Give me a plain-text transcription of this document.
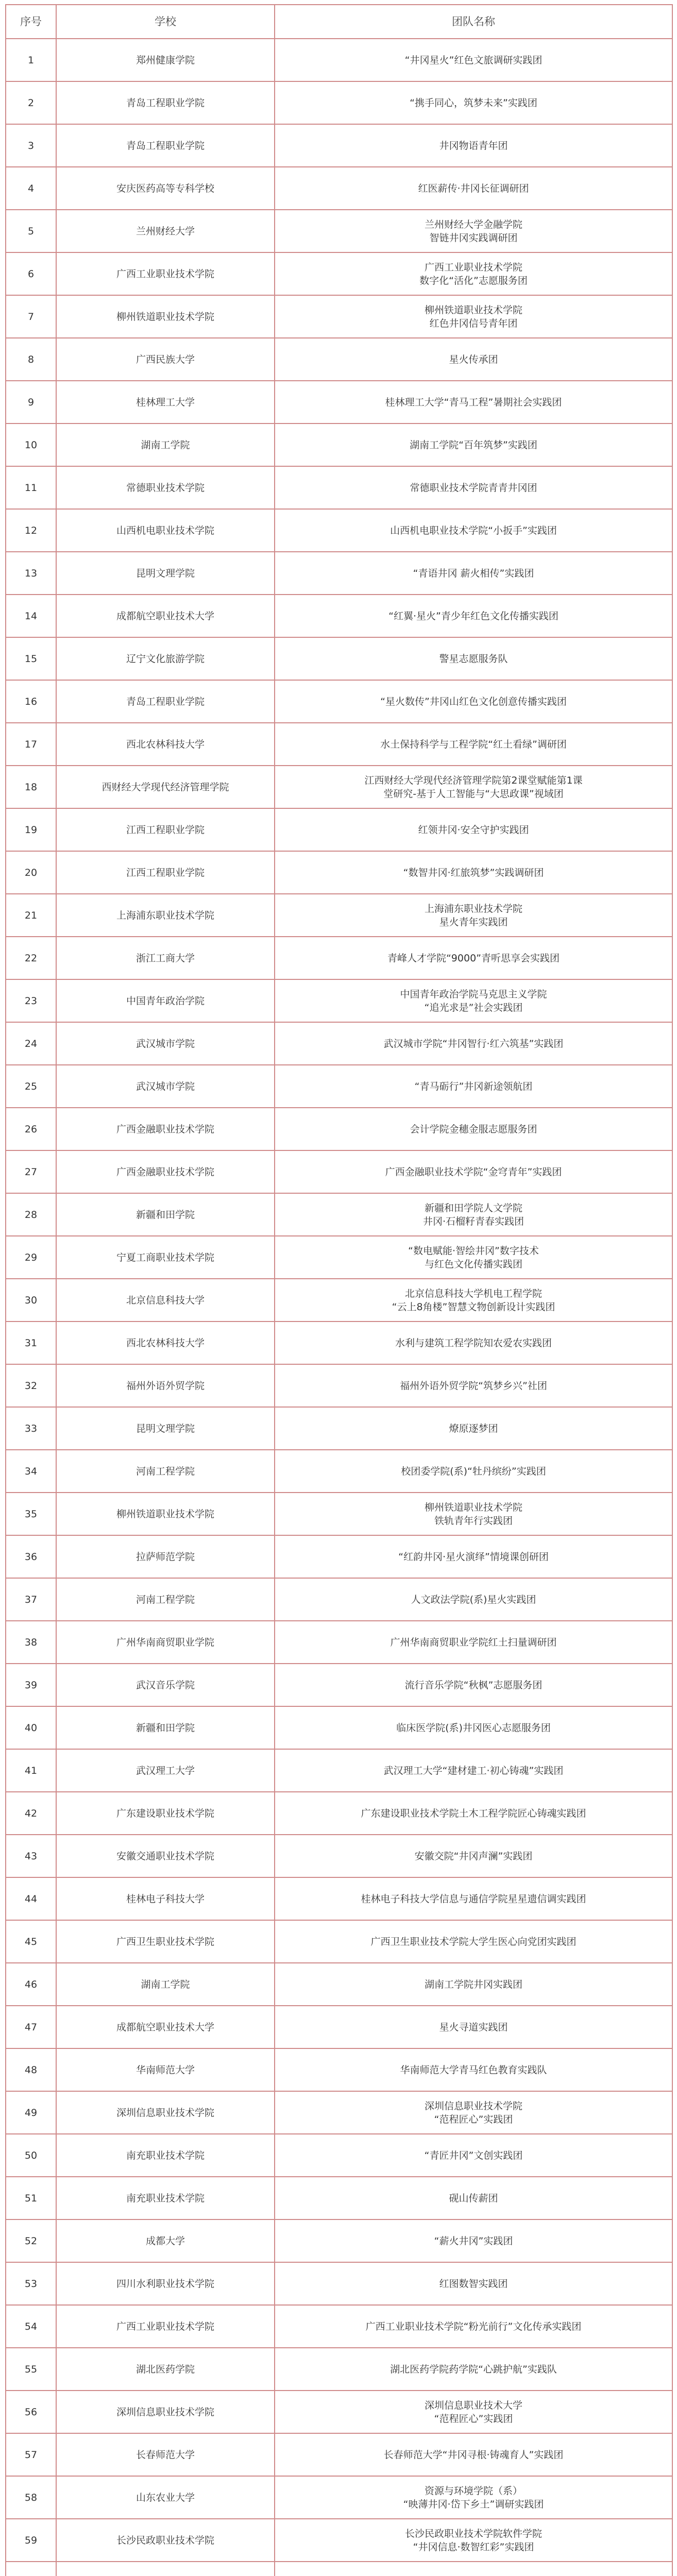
序号	学校	团队名称
1	郑州健康学院	“井冈星火”红色文旅调研实践团
2	青岛工程职业学院	“携手同心，筑梦未来”实践团
3	青岛工程职业学院	井冈物语青年团
4	安庆医药高等专科学校	红医薪传·井冈长征调研团
5	兰州财经大学	兰州财经大学金融学院
智链井冈实践调研团
6	广西工业职业技术学院	广西工业职业技术学院
数字化“活化”志愿服务团
7	柳州铁道职业技术学院	柳州铁道职业技术学院
红色井冈信号青年团
8	广西民族大学	星火传承团
9	桂林理工大学	桂林理工大学“青马工程”暑期社会实践团
10	湖南工学院	湖南工学院“百年筑梦”实践团
11	常德职业技术学院	常德职业技术学院青青井冈团
12	山西机电职业技术学院	山西机电职业技术学院“小扳手”实践团
13	昆明文理学院	“青语井冈 薪火相传”实践团
14	成都航空职业技术大学	“红翼·星火”青少年红色文化传播实践团
15	辽宁文化旅游学院	警星志愿服务队
16	青岛工程职业学院	“星火数传”井冈山红色文化创意传播实践团
17	西北农林科技大学	水土保持科学与工程学院“红土看绿”调研团
18	西财经大学现代经济管理学院	江西财经大学现代经济管理学院第2课堂赋能第1课
堂研究-基于人工智能与“大思政课”视域团
19	江西工程职业学院	红领井冈·安全守护实践团
20	江西工程职业学院	“数智井冈·红旅筑梦”实践调研团
21	上海浦东职业技术学院	上海浦东职业技术学院
星火青年实践团
22	浙江工商大学	青峰人才学院“9000”青听思享会实践团
23	中国青年政治学院	中国青年政治学院马克思主义学院
“追光求是”社会实践团
24	武汉城市学院	武汉城市学院“井冈智行·红六筑基”实践团
25	武汉城市学院	“青马砺行”井冈新途领航团
26	广西金融职业技术学院	会计学院金穗金服志愿服务团
27	广西金融职业技术学院	广西金融职业技术学院“金穹青年”实践团
28	新疆和田学院	新疆和田学院人文学院
井冈·石榴籽青春实践团
29	宁夏工商职业技术学院	“数电赋能·智绘井冈”数字技术
与红色文化传播实践团
30	北京信息科技大学	北京信息科技大学机电工程学院
“云上8角楼”智慧文物创新设计实践团
31	西北农林科技大学	水利与建筑工程学院知农爱农实践团
32	福州外语外贸学院	福州外语外贸学院“筑梦乡兴”社团
33	昆明文理学院	燎原逐梦团
34	河南工程学院	校团委学院(系)“牡丹缤纷”实践团
35	柳州铁道职业技术学院	柳州铁道职业技术学院
铁轨青年行实践团
36	拉萨师范学院	“红韵井冈·星火演绎”情境课创研团
37	河南工程学院	人文政法学院(系)星火实践团
38	广州华南商贸职业学院	广州华南商贸职业学院红土扫量调研团
39	武汉音乐学院	流行音乐学院“秋枫”志愿服务团
40	新疆和田学院	临床医学院(系)井冈医心志愿服务团
41	武汉理工大学	武汉理工大学“建材建工·初心铸魂”实践团
42	广东建设职业技术学院	广东建设职业技术学院土木工程学院匠心铸魂实践团
43	安徽交通职业技术学院	安徽交院“井冈声澜”实践团
44	桂林电子科技大学	桂林电子科技大学信息与通信学院星星遗信调实践团
45	广西卫生职业技术学院	广西卫生职业技术学院大学生医心向党团实践团
46	湖南工学院	湖南工学院井冈实践团
47	成都航空职业技术大学	星火寻道实践团
48	华南师范大学	华南师范大学青马红色教育实践队
49	深圳信息职业技术学院	深圳信息职业技术学院
“范程匠心”实践团
50	南充职业技术学院	“青匠井冈”文创实践团
51	南充职业技术学院	砚山传薪团
52	成都大学	“薪火井冈”实践团
53	四川水利职业技术学院	红图数智实践团
54	广西工业职业技术学院	广西工业职业技术学院“粉光前行”文化传承实践团
55	湖北医药学院	湖北医药学院药学院“心跳护航”实践队
56	深圳信息职业技术学院	深圳信息职业技术大学
“范程匠心”实践团
57	长春师范大学	长春师范大学“井冈寻根·铸魂育人”实践团
58	山东农业大学	资源与环境学院（系）
“映薄井冈·岱下乡土”调研实践团
59	长沙民政职业技术学院	长沙民政职业技术学院软件学院
“井冈信息·数智红彩”实践团
